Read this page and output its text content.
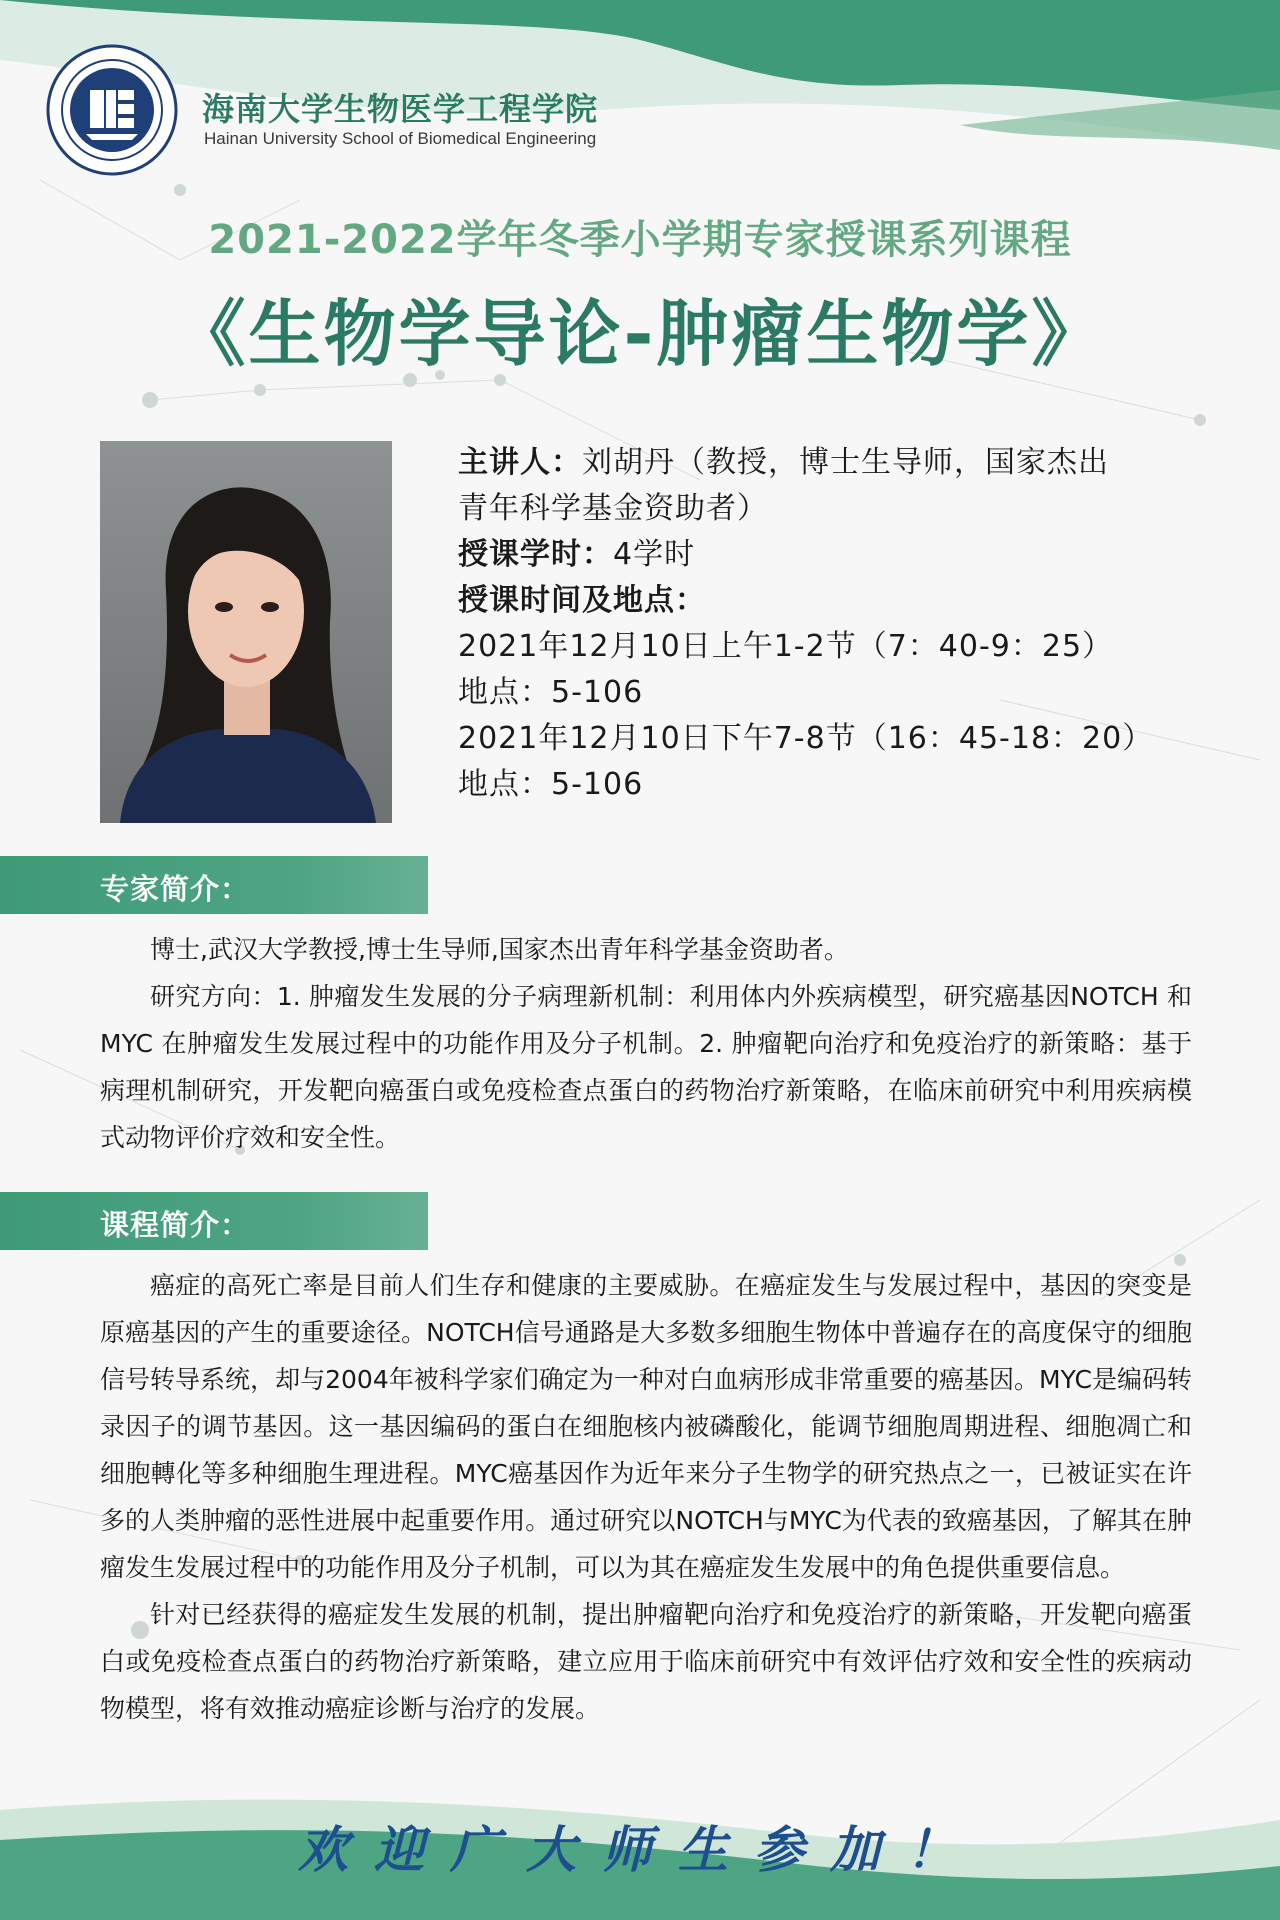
海南大学生物医学工程学院
Hainan University School of Biomedical Engineering
2021-2022学年冬季小学期专家授课系列课程
《生物学导论-肿瘤生物学》

主讲人：刘胡丹（教授，博士生导师，国家杰出

青年科学基金资助者）

授课学时：4学时

授课时间及地点：

2021年12月10日上午1-2节（7：40-9：25）

地点：5-106

2021年12月10日下午7-8节（16：45-18：20）

地点：5-106

专家简介：

博士,武汉大学教授,博士生导师,国家杰出青年科学基金资助者。

研究方向：1. 肿瘤发生发展的分子病理新机制：利用体内外疾病模型，研究癌基因NOTCH 和 MYC 在肿瘤发生发展过程中的功能作用及分子机制。2. 肿瘤靶向治疗和免疫治疗的新策略：基于病理机制研究，开发靶向癌蛋白或免疫检查点蛋白的药物治疗新策略，在临床前研究中利用疾病模式动物评价疗效和安全性。

课程简介：

癌症的高死亡率是目前人们生存和健康的主要威胁。在癌症发生与发展过程中，基因的突变是原癌基因的产生的重要途径。NOTCH信号通路是大多数多细胞生物体中普遍存在的高度保守的细胞信号转导系统，却与2004年被科学家们确定为一种对白血病形成非常重要的癌基因。MYC是编码转录因子的调节基因。这一基因编码的蛋白在细胞核内被磷酸化，能调节细胞周期进程、细胞凋亡和细胞轉化等多种细胞生理进程。MYC癌基因作为近年来分子生物学的研究热点之一，已被证实在许多的人类肿瘤的恶性进展中起重要作用。通过研究以NOTCH与MYC为代表的致癌基因，了解其在肿瘤发生发展过程中的功能作用及分子机制，可以为其在癌症发生发展中的角色提供重要信息。

针对已经获得的癌症发生发展的机制，提出肿瘤靶向治疗和免疫治疗的新策略，开发靶向癌蛋白或免疫检查点蛋白的药物治疗新策略，建立应用于临床前研究中有效评估疗效和安全性的疾病动物模型，将有效推动癌症诊断与治疗的发展。

欢迎广大师生参加！
